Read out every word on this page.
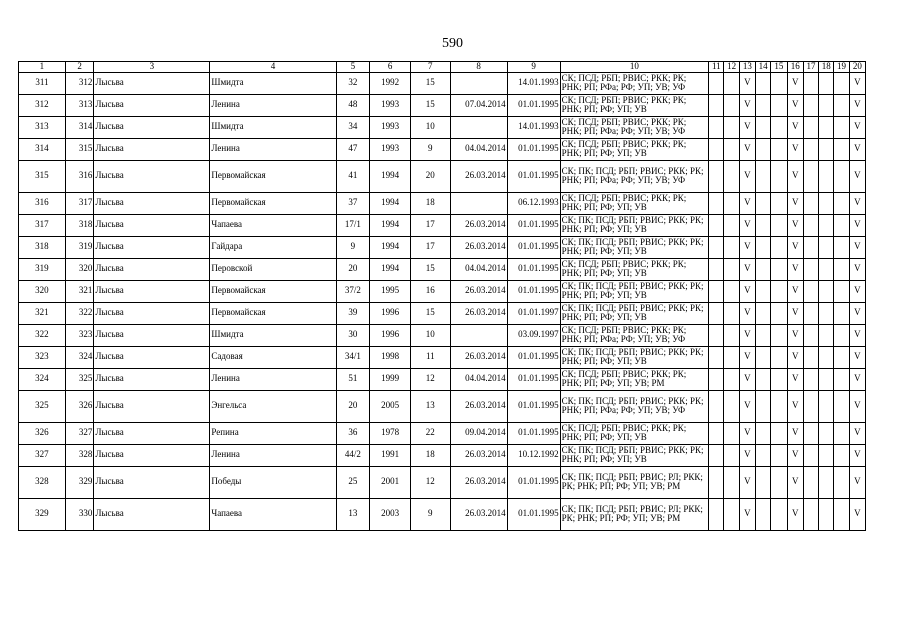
590
1	2	3	4	5	6	7	8	9	10	11	12	13	14	15	16	17	18	19	20
311	312	Лысьва	Шмидта	32	1992	15		14.01.1993	СК; ПСД; РБП; РВИС; РКК; РК; РНК; РП; РФа; РФ; УП; УВ; УФ			V			V				V
312	313	Лысьва	Ленина	48	1993	15	07.04.2014	01.01.1995	СК; ПСД; РБП; РВИС; РКК; РК; РНК; РП; РФ; УП; УВ			V			V				V
313	314	Лысьва	Шмидта	34	1993	10		14.01.1993	СК; ПСД; РБП; РВИС; РКК; РК; РНК; РП; РФа; РФ; УП; УВ; УФ			V			V				V
314	315	Лысьва	Ленина	47	1993	9	04.04.2014	01.01.1995	СК; ПСД; РБП; РВИС; РКК; РК; РНК; РП; РФ; УП; УВ			V			V				V
315	316	Лысьва	Первомайская	41	1994	20	26.03.2014	01.01.1995	СК; ПК; ПСД; РБП; РВИС; РКК; РК; РНК; РП; РФа; РФ; УП; УВ; УФ			V			V				V
316	317	Лысьва	Первомайская	37	1994	18		06.12.1993	СК; ПСД; РБП; РВИС; РКК; РК; РНК; РП; РФ; УП; УВ			V			V				V
317	318	Лысьва	Чапаева	17/1	1994	17	26.03.2014	01.01.1995	СК; ПК; ПСД; РБП; РВИС; РКК; РК; РНК; РП; РФ; УП; УВ			V			V				V
318	319	Лысьва	Гайдара	9	1994	17	26.03.2014	01.01.1995	СК; ПК; ПСД; РБП; РВИС; РКК; РК; РНК; РП; РФ; УП; УВ			V			V				V
319	320	Лысьва	Перовской	20	1994	15	04.04.2014	01.01.1995	СК; ПСД; РБП; РВИС; РКК; РК; РНК; РП; РФ; УП; УВ			V			V				V
320	321	Лысьва	Первомайская	37/2	1995	16	26.03.2014	01.01.1995	СК; ПК; ПСД; РБП; РВИС; РКК; РК; РНК; РП; РФ; УП; УВ			V			V				V
321	322	Лысьва	Первомайская	39	1996	15	26.03.2014	01.01.1997	СК; ПК; ПСД; РБП; РВИС; РКК; РК; РНК; РП; РФ; УП; УВ			V			V				V
322	323	Лысьва	Шмидта	30	1996	10		03.09.1997	СК; ПСД; РБП; РВИС; РКК; РК; РНК; РП; РФа; РФ; УП; УВ; УФ			V			V				V
323	324	Лысьва	Садовая	34/1	1998	11	26.03.2014	01.01.1995	СК; ПК; ПСД; РБП; РВИС; РКК; РК; РНК; РП; РФ; УП; УВ			V			V				V
324	325	Лысьва	Ленина	51	1999	12	04.04.2014	01.01.1995	СК; ПСД; РБП; РВИС; РКК; РК; РНК; РП; РФ; УП; УВ; РМ			V			V				V
325	326	Лысьва	Энгельса	20	2005	13	26.03.2014	01.01.1995	СК; ПК; ПСД; РБП; РВИС; РКК; РК; РНК; РП; РФа; РФ; УП; УВ; УФ			V			V				V
326	327	Лысьва	Репина	36	1978	22	09.04.2014	01.01.1995	СК; ПСД; РБП; РВИС; РКК; РК; РНК; РП; РФ; УП; УВ			V			V				V
327	328	Лысьва	Ленина	44/2	1991	18	26.03.2014	10.12.1992	СК; ПК; ПСД; РБП; РВИС; РКК; РК; РНК; РП; РФ; УП; УВ			V			V				V
328	329	Лысьва	Победы	25	2001	12	26.03.2014	01.01.1995	СК; ПК; ПСД; РБП; РВИС; РЛ; РКК; РК; РНК; РП; РФ; УП; УВ; РМ			V			V				V
329	330	Лысьва	Чапаева	13	2003	9	26.03.2014	01.01.1995	СК; ПК; ПСД; РБП; РВИС; РЛ; РКК; РК; РНК; РП; РФ; УП; УВ; РМ			V			V				V
